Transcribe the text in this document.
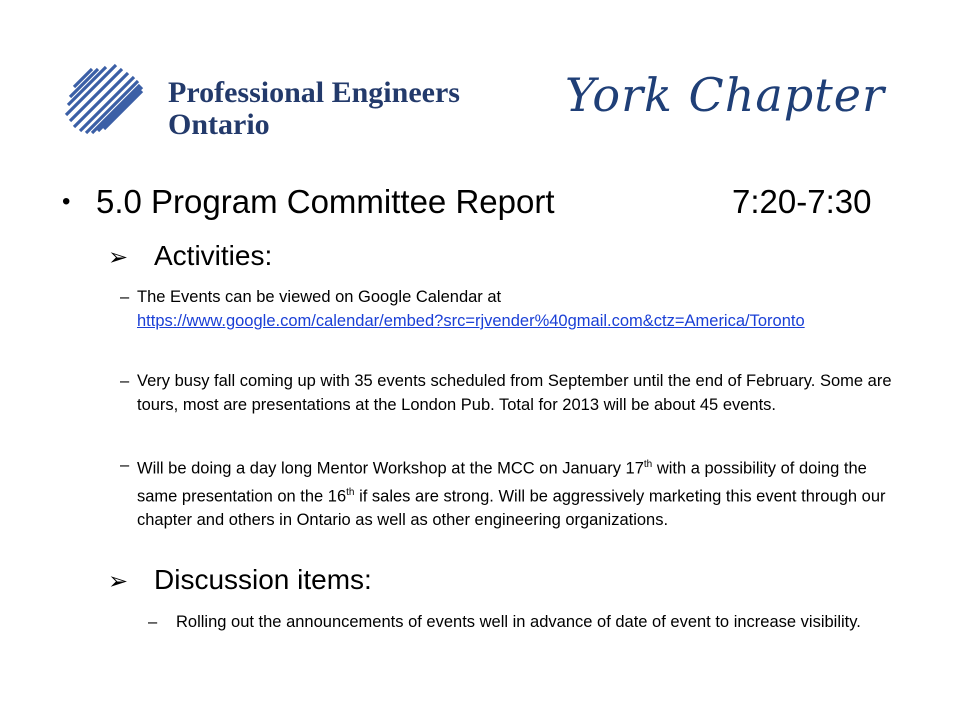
Professional Engineers
Ontario
York Chapter
• 5.0 Program Committee Report	7:20-7:30
➢ Activities:
– The Events can be viewed on Google Calendar at
https://www.google.com/calendar/embed?src=rjvender%40gmail.com&ctz=America/Toronto
– Very busy fall coming up with 35 events scheduled from September until the end of February. Some are tours, most are presentations at the London Pub. Total for 2013 will be about 45 events.
– Will be doing a day long Mentor Workshop at the MCC on January 17th with a possibility of doing the same presentation on the 16th if sales are strong. Will be aggressively marketing this event through our chapter and others in Ontario as well as other engineering organizations.
➢ Discussion items:
– Rolling out the announcements of events well in advance of date of event to increase visibility.
